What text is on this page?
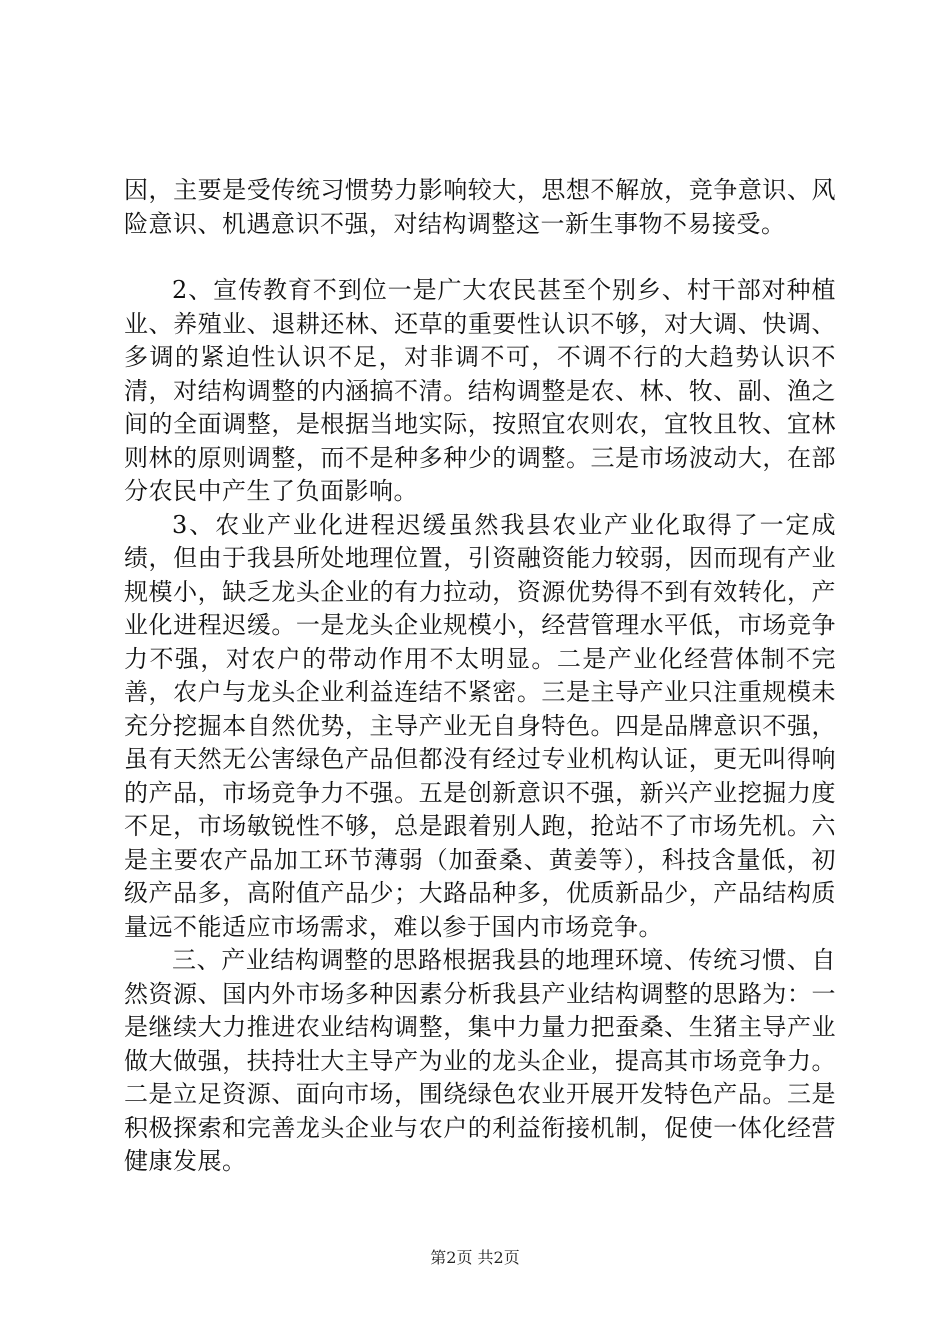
因，主要是受传统习惯势力影响较大，思想不解放，竞争意识、风险意识、机遇意识不强，对结构调整这一新生事物不易接受。

2、宣传教育不到位一是广大农民甚至个别乡、村干部对种植业、养殖业、退耕还林、还草的重要性认识不够，对大调、快调、多调的紧迫性认识不足，对非调不可，不调不行的大趋势认识不清，对结构调整的内涵搞不清。结构调整是农、林、牧、副、渔之间的全面调整，是根据当地实际，按照宜农则农，宜牧且牧、宜林则林的原则调整，而不是种多种少的调整。三是市场波动大，在部分农民中产生了负面影响。

3、农业产业化进程迟缓虽然我县农业产业化取得了一定成绩，但由于我县所处地理位置，引资融资能力较弱，因而现有产业规模小，缺乏龙头企业的有力拉动，资源优势得不到有效转化，产业化进程迟缓。一是龙头企业规模小，经营管理水平低，市场竞争力不强，对农户的带动作用不太明显。二是产业化经营体制不完善，农户与龙头企业利益连结不紧密。三是主导产业只注重规模未充分挖掘本自然优势，主导产业无自身特色。四是品牌意识不强，虽有天然无公害绿色产品但都没有经过专业机构认证，更无叫得响的产品，市场竞争力不强。五是创新意识不强，新兴产业挖掘力度不足，市场敏锐性不够，总是跟着别人跑，抢站不了市场先机。六是主要农产品加工环节薄弱（加蚕桑、黄姜等），科技含量低，初级产品多，高附值产品少；大路品种多，优质新品少，产品结构质量远不能适应市场需求，难以参于国内市场竞争。

三、产业结构调整的思路根据我县的地理环境、传统习惯、自然资源、国内外市场多种因素分析我县产业结构调整的思路为：一是继续大力推进农业结构调整，集中力量力把蚕桑、生猪主导产业做大做强，扶持壮大主导产为业的龙头企业，提高其市场竞争力。二是立足资源、面向市场，围绕绿色农业开展开发特色产品。三是积极探索和完善龙头企业与农户的利益衔接机制，促使一体化经营健康发展。

第2页 共2页
